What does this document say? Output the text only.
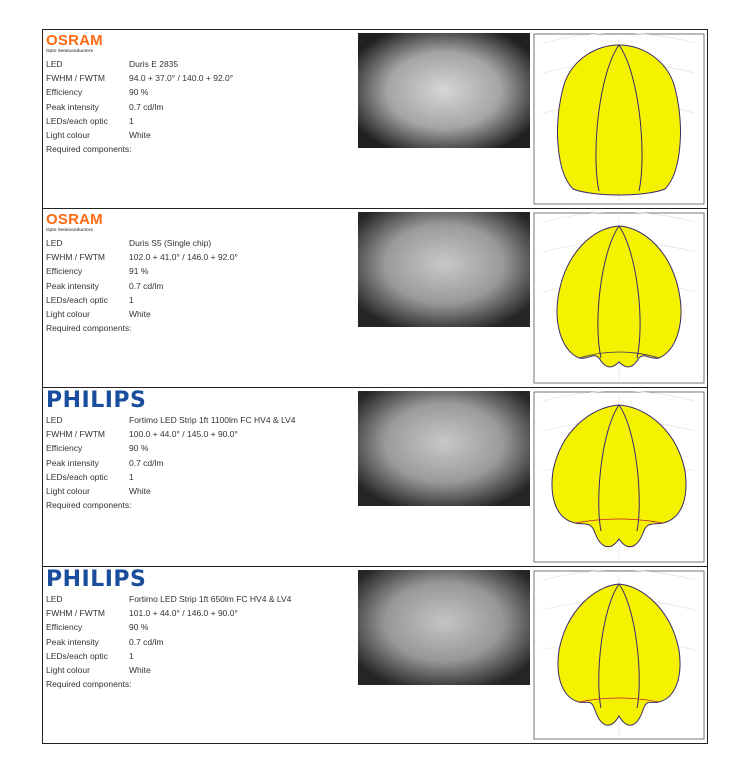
OSRAM
Opto Semiconductors
LED	Duris E 2835
FWHM / FWTM	94.0 + 37.0° / 140.0 + 92.0°
Efficiency	90 %
Peak intensity	0.7 cd/lm
LEDs/each optic	1
Light colour	White
Required components:
OSRAM
Opto Semiconductors
LED	Duris S5 (Single chip)
FWHM / FWTM	102.0 + 41.0° / 146.0 + 92.0°
Efficiency	91 %
Peak intensity	0.7 cd/lm
LEDs/each optic	1
Light colour	White
Required components:
PHILIPS
LED	Fortimo LED Strip 1ft 1100lm FC HV4 & LV4
FWHM / FWTM	100.0 + 44.0° / 145.0 + 90.0°
Efficiency	90 %
Peak intensity	0.7 cd/lm
LEDs/each optic	1
Light colour	White
Required components:
PHILIPS
LED	Fortimo LED Strip 1ft 650lm FC HV4 & LV4
FWHM / FWTM	101.0 + 44.0° / 146.0 + 90.0°
Efficiency	90 %
Peak intensity	0.7 cd/lm
LEDs/each optic	1
Light colour	White
Required components:
